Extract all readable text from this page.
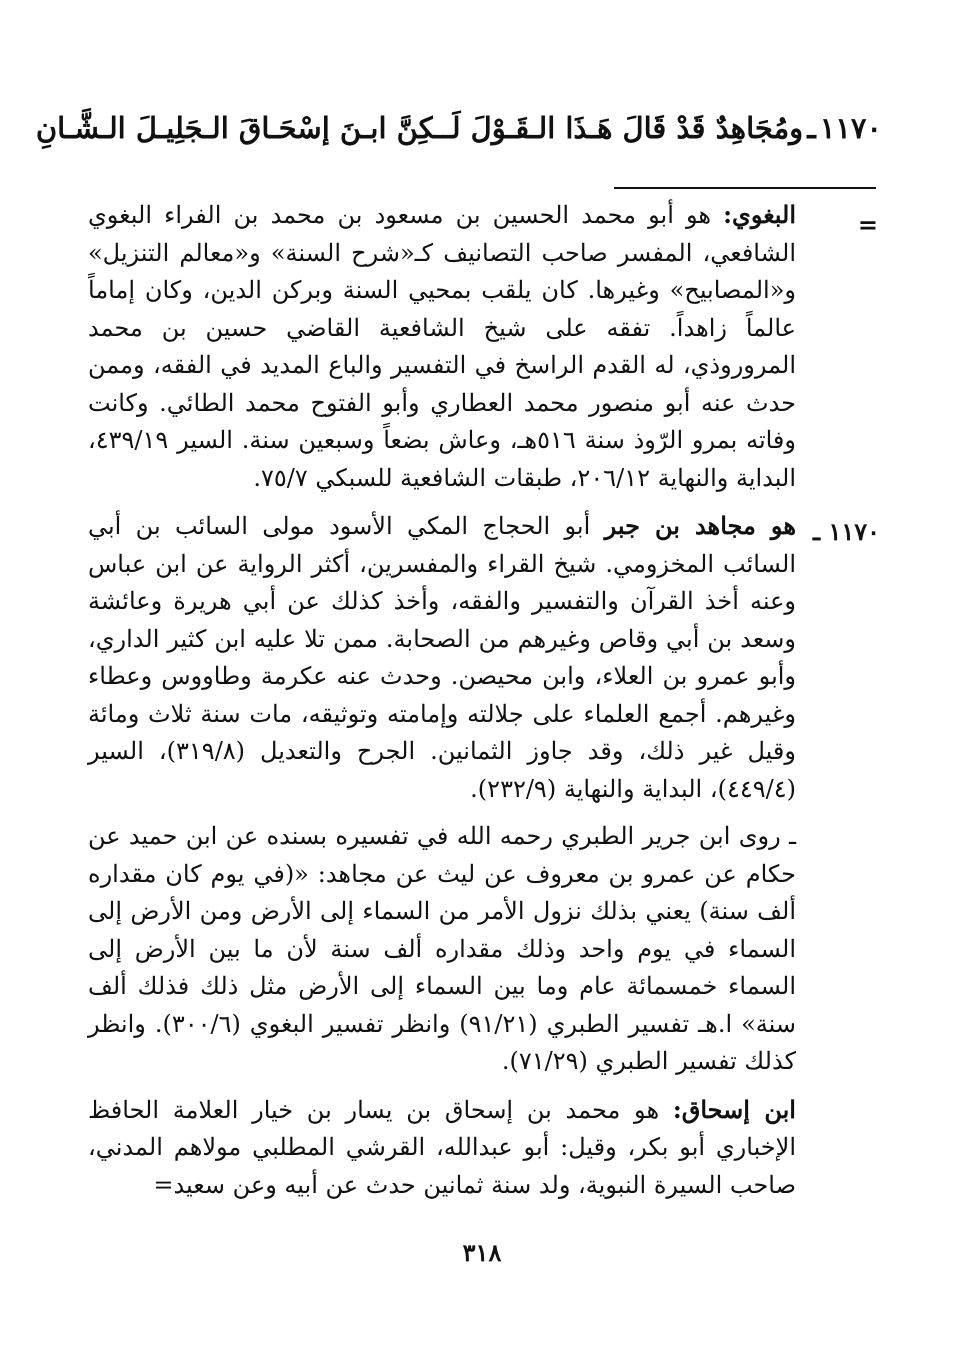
١١٧٠
ـ
ومُجَاهِدٌ قَدْ قَالَ هَـذَا الـقَـوْلَ لَـ
ـكِنَّ ابـنَ إسْحَـاقَ الـجَلِيـلَ الـشَّـانِ
=
١١٧٠ ـ

البغوي: هو أبو محمد الحسين بن مسعود بن محمد بن الفراء البغوي الشافعي، المفسر صاحب التصانيف كـ«شرح السنة» و«معالم التنزيل» و«المصابيح» وغيرها. كان يلقب بمحيي السنة وبركن الدين، وكان إماماً عالماً زاهداً. تفقه على شيخ الشافعية القاضي حسين بن محمد المروروذي، له القدم الراسخ في التفسير والباع المديد في الفقه، وممن حدث عنه أبو منصور محمد العطاري وأبو الفتوح محمد الطائي. وكانت وفاته بمرو الرّوذ سنة ٥١٦هـ، وعاش بضعاً وسبعين سنة. السير ٤٣٩/١٩، البداية والنهاية ٢٠٦/١٢، طبقات الشافعية للسبكي ٧٥/٧.

هو مجاهد بن جبر أبو الحجاج المكي الأسود مولى السائب بن أبي السائب المخزومي. شيخ القراء والمفسرين، أكثر الرواية عن ابن عباس وعنه أخذ القرآن والتفسير والفقه، وأخذ كذلك عن أبي هريرة وعائشة وسعد بن أبي وقاص وغيرهم من الصحابة. ممن تلا عليه ابن كثير الداري، وأبو عمرو بن العلاء، وابن محيصن. وحدث عنه عكرمة وطاووس وعطاء وغيرهم. أجمع العلماء على جلالته وإمامته وتوثيقه، مات سنة ثلاث ومائة وقيل غير ذلك، وقد جاوز الثمانين. الجرح والتعديل (٣١٩/٨)، السير (٤٤٩/٤)، البداية والنهاية (٢٣٢/٩).

ـ روى ابن جرير الطبري رحمه الله في تفسيره بسنده عن ابن حميد عن حكام عن عمرو بن معروف عن ليث عن مجاهد: «(في يوم كان مقداره ألف سنة) يعني بذلك نزول الأمر من السماء إلى الأرض ومن الأرض إلى السماء في يوم واحد وذلك مقداره ألف سنة لأن ما بين الأرض إلى السماء خمسمائة عام وما بين السماء إلى الأرض مثل ذلك فذلك ألف سنة» ا.هـ تفسير الطبري (٩١/٢١) وانظر تفسير البغوي (٣٠٠/٦). وانظر كذلك تفسير الطبري (٧١/٢٩).

ابن إسحاق: هو محمد بن إسحاق بن يسار بن خيار العلامة الحافظ الإخباري أبو بكر، وقيل: أبو عبدالله، القرشي المطلبي مولاهم المدني، صاحب السيرة النبوية، ولد سنة ثمانين حدث عن أبيه وعن سعيد=

٣١٨
